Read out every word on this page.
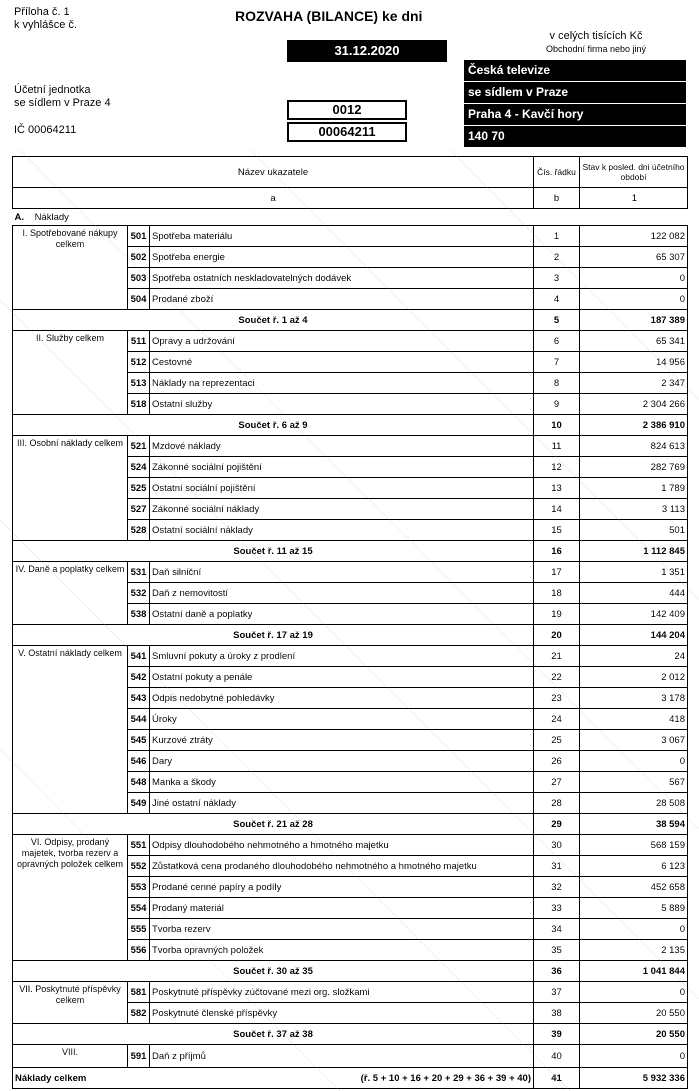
Příloha č. 1
k vyhlášce č.
ROZVAHA (BILANCE) ke dni
31.12.2020
v celých tisících Kč
Obchodní firma nebo jiný
Účetní jednotka
se sídlem v Praze 4
IČ 00064211
0012
00064211
Česká televize
se sídlem v Praze
Praha 4 - Kavčí hory
140 70
Název ukazatele			Čís. řádku	Stav k posled. dni účetního období
a			b	1
A. Náklady				
I. Spotřebované nákupy celkem	501	Spotřeba materiálu	1	122 082
	502	Spotřeba energie	2	65 307
	503	Spotřeba ostatních neskladovatelných dodávek	3	0
	504	Prodané zboží	4	0
Součet ř. 1 až 4			5	187 389
II. Služby celkem	511	Opravy a udržování	6	65 341
	512	Cestovné	7	14 956
	513	Náklady na reprezentaci	8	2 347
	518	Ostatní služby	9	2 304 266
Součet ř. 6 až 9			10	2 386 910
III. Osobní náklady celkem	521	Mzdové náklady	11	824 613
	524	Zákonné sociální pojištění	12	282 769
	525	Ostatní sociální pojištění	13	1 789
	527	Zákonné sociální náklady	14	3 113
	528	Ostatní sociální náklady	15	501
Součet ř. 11 až 15			16	1 112 845
IV. Daně a poplatky celkem	531	Daň silniční	17	1 351
	532	Daň z nemovitostí	18	444
	538	Ostatní daně a poplatky	19	142 409
Součet ř. 17 až 19			20	144 204
V. Ostatní náklady celkem	541	Smluvní pokuty a úroky z prodlení	21	24
	542	Ostatní pokuty a penále	22	2 012
	543	Odpis nedobytné pohledávky	23	3 178
	544	Úroky	24	418
	545	Kurzové ztráty	25	3 067
	546	Dary	26	0
	548	Manka a škody	27	567
	549	Jiné ostatní náklady	28	28 508
Součet ř. 21 až 28			29	38 594
VI. Odpisy, prodaný majetek, tvorba rezerv a opravných položek celkem	551	Odpisy dlouhodobého nehmotného a hmotného majetku	30	568 159
	552	Zůstatková cena prodaného dlouhodobého nehmotného a hmotného majetku	31	6 123
	553	Prodané cenné papíry a podíly	32	452 658
	554	Prodaný materiál	33	5 889
	555	Tvorba rezerv	34	0
	556	Tvorba opravných položek	35	2 135
Součet ř. 30 až 35			36	1 041 844
VII. Poskytnuté příspěvky celkem	581	Poskytnuté příspěvky zúčtované mezi org. složkami	37	0
	582	Poskytnuté členské příspěvky	38	20 550
Součet ř. 37 až 38			39	20 550
VIII.	591	Daň z příjmů	40	0
Náklady celkem		(ř. 5 + 10 + 16 + 20 + 29 + 36 + 39 + 40)	41	5 932 336
